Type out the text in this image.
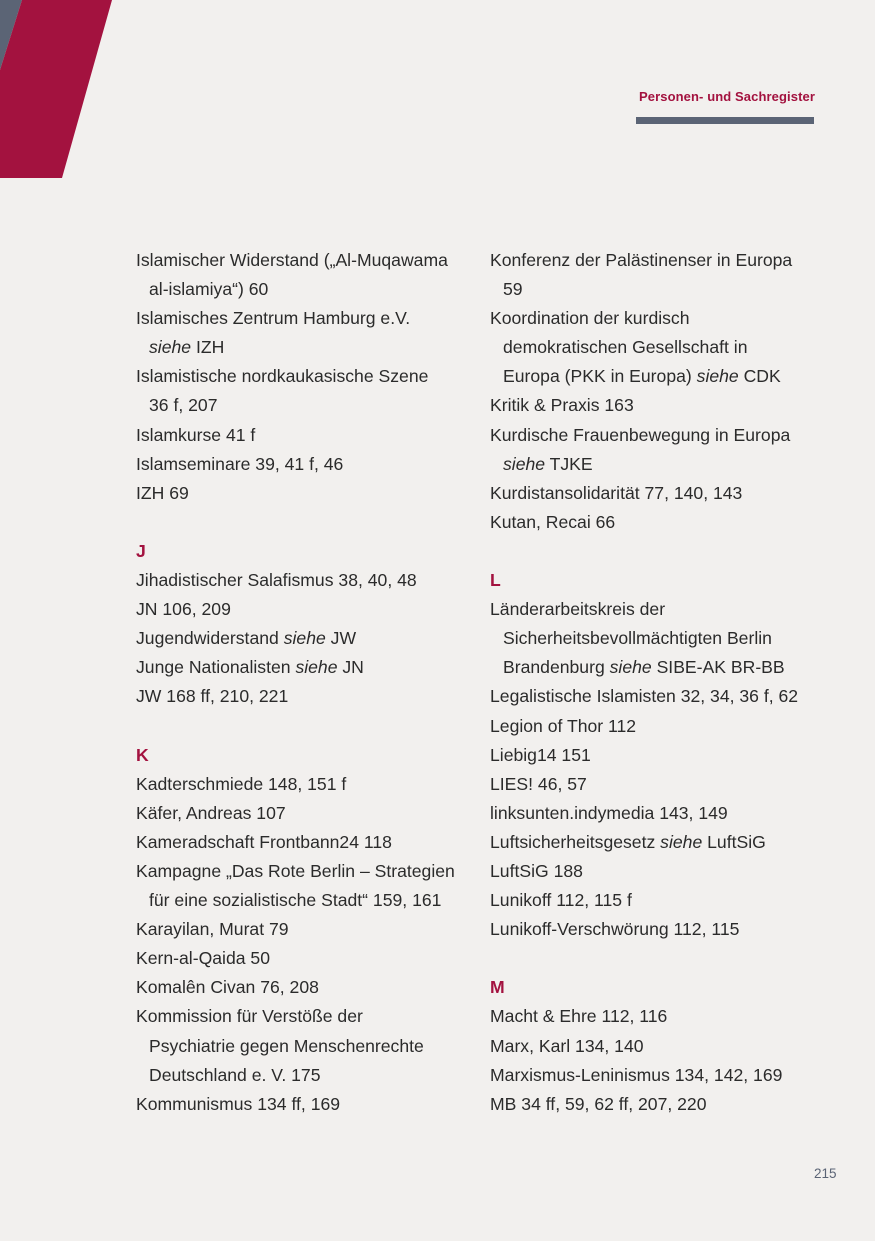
Personen- und Sachregister
Islamischer Widerstand („Al-Muqawama
al-islamiya“) 60
Islamisches Zentrum Hamburg e.V.
siehe IZH
Islamistische nordkaukasische Szene
36 f, 207
Islamkurse 41 f
Islamseminare 39, 41 f, 46
IZH 69
J
Jihadistischer Salafismus 38, 40, 48
JN 106, 209
Jugendwiderstand siehe JW
Junge Nationalisten siehe JN
JW 168 ff, 210, 221
K
Kadterschmiede 148, 151 f
Käfer, Andreas 107
Kameradschaft Frontbann24 118
Kampagne „Das Rote Berlin – Strategien
für eine sozialistische Stadt“ 159, 161
Karayilan, Murat 79
Kern-al-Qaida 50
Komalên Civan 76, 208
Kommission für Verstöße der
Psychiatrie gegen Menschenrechte
Deutschland e. V. 175
Kommunismus 134 ff, 169
Konferenz der Palästinenser in Europa
59
Koordination der kurdisch
demokratischen Gesellschaft in
Europa (PKK in Europa) siehe CDK
Kritik & Praxis 163
Kurdische Frauenbewegung in Europa
siehe TJKE
Kurdistansolidarität 77, 140, 143
Kutan, Recai 66
L
Länderarbeitskreis der
Sicherheitsbevollmächtigten Berlin
Brandenburg siehe SIBE-AK BR-BB
Legalistische Islamisten 32, 34, 36 f, 62
Legion of Thor 112
Liebig14 151
LIES! 46, 57
linksunten.indymedia 143, 149
Luftsicherheitsgesetz siehe LuftSiG
LuftSiG 188
Lunikoff 112, 115 f
Lunikoff-Verschwörung 112, 115
M
Macht & Ehre 112, 116
Marx, Karl 134, 140
Marxismus-Leninismus 134, 142, 169
MB 34 ff, 59, 62 ff, 207, 220
215
